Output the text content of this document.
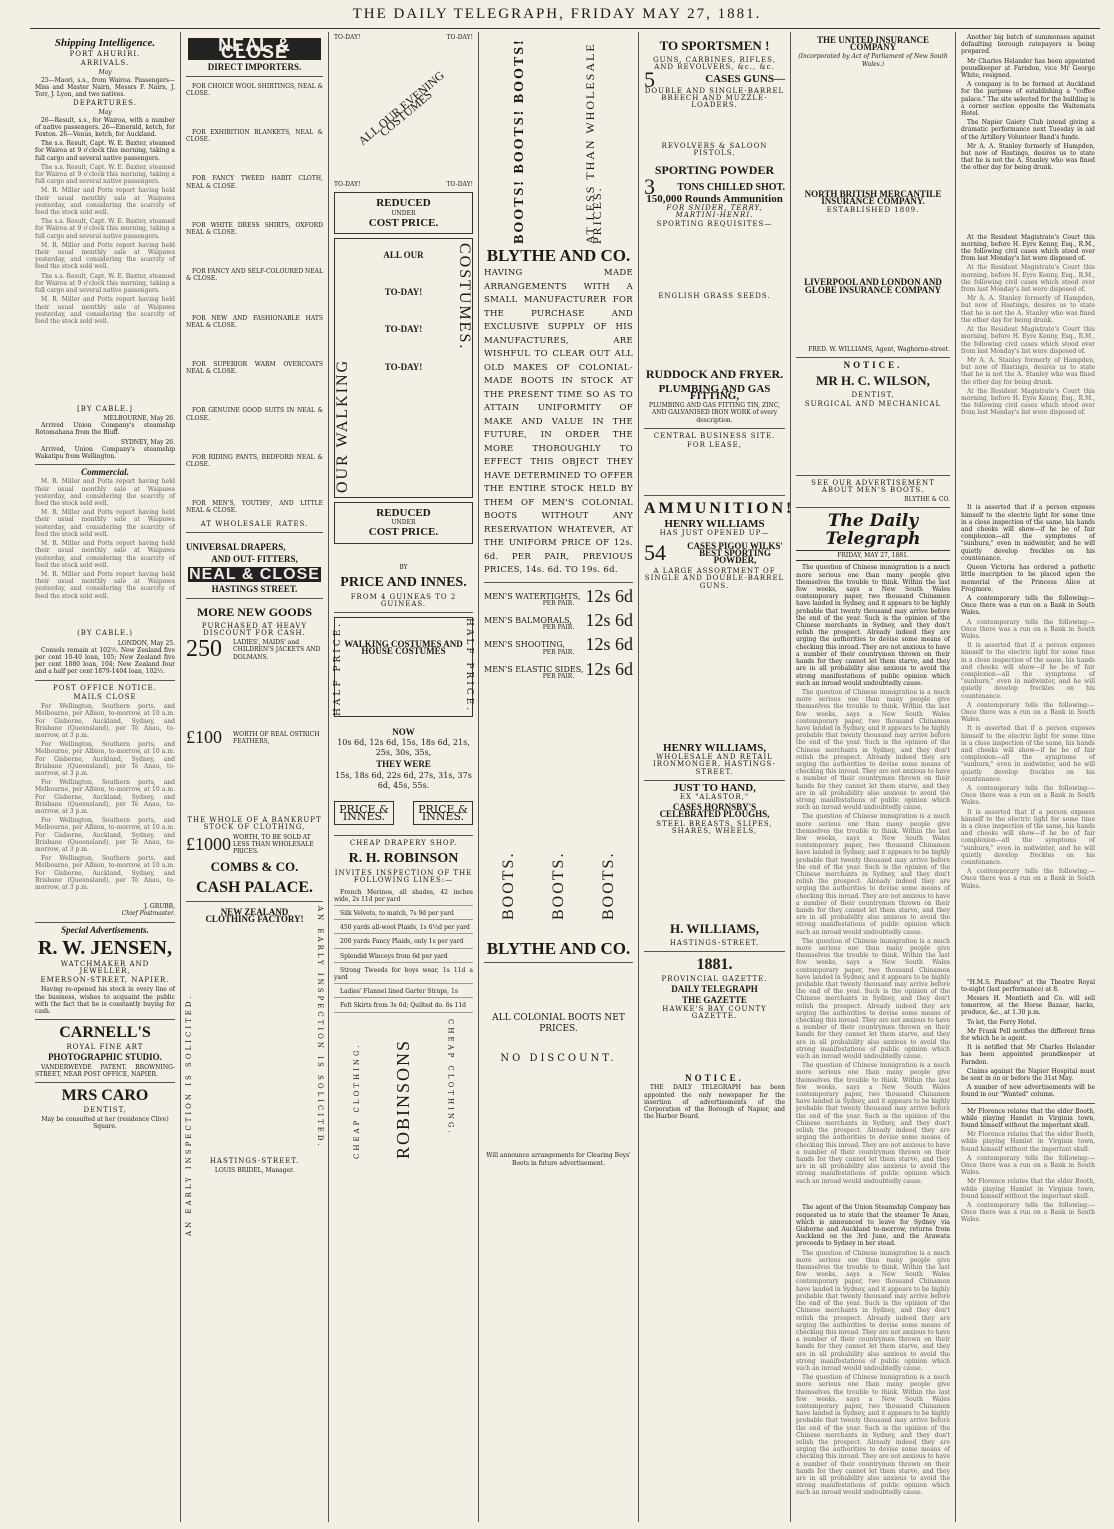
THE DAILY TELEGRAPH, FRIDAY MAY 27, 1881.
Shipping Intelligence.
PORT AHURIRI.
ARRIVALS.
May
25—Maori, s.s., from Wairoa. Passengers—Miss and Master Nairn, Messrs F. Nairn, J. Torr, J. Lyon, and two natives.
DEPARTURES.
May
26—Result, s.s., for Wairoa, with a number of native passengers. 26—Emerald, ketch, for Foxton. 26—Venus, ketch, for Auckland.
The s.s. Result, Capt. W. E. Baxter, steamed for Wairoa at 9 o'clock this morning, taking a full cargo and several native passengers.
The s.s. Result, Capt. W. E. Baxter, steamed for Wairoa at 9 o'clock this morning, taking a full cargo and several native passengers.
M. R. Miller and Potts report having held their usual monthly sale at Waipawa yesterday, and considering the scarcity of feed the stock sold well.
The s.s. Result, Capt. W. E. Baxter, steamed for Wairoa at 9 o'clock this morning, taking a full cargo and several native passengers.
M. R. Miller and Potts report having held their usual monthly sale at Waipawa yesterday, and considering the scarcity of feed the stock sold well.
The s.s. Result, Capt. W. E. Baxter, steamed for Wairoa at 9 o'clock this morning, taking a full cargo and several native passengers.
M. R. Miller and Potts report having held their usual monthly sale at Waipawa yesterday, and considering the scarcity of feed the stock sold well.
[BY CABLE.]
MELBOURNE, May 26.
Arrived Union Company's steamship Rotomahana from the Bluff.
SYDNEY, May 26.
Arrived, Union Company's steamship Wakatipu from Wellington.
Commercial.
M. R. Miller and Potts report having held their usual monthly sale at Waipawa yesterday, and considering the scarcity of feed the stock sold well.
M. R. Miller and Potts report having held their usual monthly sale at Waipawa yesterday, and considering the scarcity of feed the stock sold well.
M. R. Miller and Potts report having held their usual monthly sale at Waipawa yesterday, and considering the scarcity of feed the stock sold well.
M. R. Miller and Potts report having held their usual monthly sale at Waipawa yesterday, and considering the scarcity of feed the stock sold well.
(BY CABLE.)
LONDON, May 25.
Consols remain at 102½. New Zealand five per cent 10-40 loan, 105; New Zealand five per cent 1880 loan, 104; New Zealand four and a half per cent 1879-1404 loan, 102½.
POST OFFICE NOTICE.
MAILS CLOSE
For Wellington, Southern ports, and Melbourne, per Albion, to-morrow, at 10 a.m. For Gisborne, Auckland, Sydney, and Brisbane (Queensland), per Te Anau, to-morrow, at 3 p.m.
For Wellington, Southern ports, and Melbourne, per Albion, to-morrow, at 10 a.m. For Gisborne, Auckland, Sydney, and Brisbane (Queensland), per Te Anau, to-morrow, at 3 p.m.
For Wellington, Southern ports, and Melbourne, per Albion, to-morrow, at 10 a.m. For Gisborne, Auckland, Sydney, and Brisbane (Queensland), per Te Anau, to-morrow, at 3 p.m.
For Wellington, Southern ports, and Melbourne, per Albion, to-morrow, at 10 a.m. For Gisborne, Auckland, Sydney, and Brisbane (Queensland), per Te Anau, to-morrow, at 3 p.m.
For Wellington, Southern ports, and Melbourne, per Albion, to-morrow, at 10 a.m. For Gisborne, Auckland, Sydney, and Brisbane (Queensland), per Te Anau, to-morrow, at 3 p.m.
J. GRUBB,
Chief Postmaster.
Special Advertisements.
R. W. JENSEN,
WATCHMAKER AND JEWELLER,
EMERSON-STREET, NAPIER.
Having re-opened his stock in every line of the business, wishes to acquaint the public with the fact that he is constantly buying for cash.
CARNELL'S
ROYAL FINE ART
PHOTOGRAPHIC STUDIO.
VANDERWEYDE PATENT. BROWNING-STREET, NEAR POST OFFICE, NAPIER.
MRS CARO
DENTIST,
May be consulted at her (residence Clive) Square.
NEAL & CLOSE
DIRECT IMPORTERS.
FOR CHOICE WOOL SHIRTINGS, NEAL & CLOSE.
FOR EXHIBITION BLANKETS, NEAL & CLOSE.
FOR FANCY TWEED HABIT CLOTH, NEAL & CLOSE.
FOR WHITE DRESS SHIRTS, OXFORD NEAL & CLOSE.
FOR FANCY AND SELF-COLOURED NEAL & CLOSE.
FOR NEW AND FASHIONABLE HATS NEAL & CLOSE.
FOR SUPERIOR WARM OVERCOATS NEAL & CLOSE.
FOR GENUINE GOOD SUITS IN NEAL & CLOSE.
FOR RIDING PANTS, BEDFORD NEAL & CLOSE.
FOR MEN'S, YOUTHS', AND LITTLE NEAL & CLOSE.
AT WHOLESALE RATES.
UNIVERSAL DRAPERS,
AND OUT- FITTERS,
NEAL & CLOSE
HASTINGS STREET.
MORE NEW GOODS
PURCHASED AT HEAVY DISCOUNT FOR CASH.
250 LADIES', MAIDS' and CHILDREN'S JACKETS AND DOLMANS.
£100 WORTH OF REAL OSTRICH FEATHERS,
THE WHOLE OF A BANKRUPT STOCK OF CLOTHING,
£1000 WORTH, TO BE SOLD AT LESS THAN WHOLESALE PRICES.
COMBS & CO.
CASH PALACE.
AN EARLY INSPECTION IS SOLICITED.
NEW ZEALAND CLOTHING FACTORY!
HASTINGS-STREET.
LOUIS BRIDEL, Manager.
AN EARLY INSPECTION IS SOLICITED.
TO-DAY!	TO-DAY!
ALL OUR EVENING COSTUMES
TO-DAY!	TO-DAY!
REDUCED
UNDER
COST PRICE.
OUR WALKING
ALL OUR
TO-DAY!
TO-DAY!
TO-DAY!
COSTUMES.
REDUCED
UNDER
COST PRICE.
BY
PRICE AND INNES.
FROM 4 GUINEAS TO 2 GUINEAS.
HALF PRICE. WALKING COSTUMES AND HOUSE COSTUMES	HALF PRICE.
NOW
10s 6d, 12s 6d, 15s, 18s 6d, 21s, 25s, 30s, 35s,
THEY WERE
15s, 18s 6d, 22s 6d, 27s, 31s, 37s 6d, 45s, 55s.
PRICE & INNES.
PRICE & INNES.
CHEAP DRAPERY SHOP.
R. H. ROBINSON
INVITES INSPECTION OF THE FOLLOWING LINES:—
French Merinos, all shades, 42 inches wide, 2s 11d per yard
Silk Velvets, to match, 7s 9d per yard
450 yards all-wool Plaids, 1s 6½d per yard
200 yards Fancy Plaids, only 1s per yard
Splendid Winceys from 6d per yard
Strong Tweeds for boys wear, 1s 11d a yard
Ladies' Flannel lined Garter Straps, 1s
Felt Skirts from 3s 6d; Quilted do. 6s 11d
CHEAP CLOTHING. ROBINSONS	CHEAP CLOTHING.
BOOTS! BOOTS! BOOTS!	AT LESS THAN WHOLESALE PRICES.
BLYTHE AND CO.
HAVING MADE ARRANGEMENTS WITH A SMALL MANUFACTURER FOR THE PURCHASE AND EXCLUSIVE SUPPLY OF HIS MANUFACTURES, ARE WISHFUL TO CLEAR OUT ALL OLD MAKES OF COLONIAL-MADE BOOTS IN STOCK AT THE PRESENT TIME SO AS TO ATTAIN UNIFORMITY OF MAKE AND VALUE IN THE FUTURE, IN ORDER THE MORE THOROUGHLY TO EFFECT THIS OBJECT THEY HAVE DETERMINED TO OFFER THE ENTIRE STOCK HELD BY THEM OF MEN'S COLONIAL BOOTS WITHOUT ANY RESERVATION WHATEVER, AT THE UNIFORM PRICE OF 12s. 6d. PER PAIR, PREVIOUS PRICES, 14s. 6d. TO 19s. 6d.
MEN'S WATERTIGHTS, 12s 6d
PER PAIR.
MEN'S BALMORALS, 12s 6d
PER PAIR.
MEN'S SHOOTING, 12s 6d
PER PAIR.
MEN'S ELASTIC SIDES, 12s 6d
PER PAIR.
BOOTS. BOOTS. BOOTS.
BLYTHE AND CO.
ALL COLONIAL BOOTS NET PRICES.
NO DISCOUNT.
Will announce arrangements for Clearing Boys' Boots in future advertisement.
TO SPORTSMEN !
GUNS, CARBINES, RIFLES, AND REVOLVERS, &c., &c.
5	CASES GUNS—
DOUBLE AND SINGLE-BARREL BREECH AND MUZZLE-LOADERS.
REVOLVERS & SALOON PISTOLS,
SPORTING POWDER
3 TONS CHILLED SHOT.
150,000 Rounds Ammunition
FOR SNIDER, TERRY, MARTINI-HENRI.
SPORTING REQUISITES—
ENGLISH GRASS SEEDS.
RUDDOCK AND FRYER.
PLUMBING AND GAS FITTING,
PLUMBING AND GAS FITTING TIN, ZINC, AND GALVANISED IRON WORK of every description.
CENTRAL BUSINESS SITE.
FOR LEASE,
AMMUNITION!
HENRY WILLIAMS
HAS JUST OPENED UP—
54 CASES PIGOU WILKS' BEST SPORTING POWDER,
A LARGE ASSORTMENT OF SINGLE AND DOUBLE-BARREL GUNS.
HENRY WILLIAMS,
WHOLESALE AND RETAIL IRONMONGER, HASTINGS-STREET.
JUST TO HAND,
EX "ALASTOR,"
CASES HORNSBY'S CELEBRATED PLOUGHS,
STEEL BREASTS, SLIPES, SHARES, WHEELS,
H. WILLIAMS,
HASTINGS-STREET.
1881.
PROVINCIAL GAZETTE.
DAILY TELEGRAPH
THE GAZETTE
HAWKE'S BAY COUNTY GAZETTE.
NOTICE.
THE DAILY TELEGRAPH has been appointed the only newspaper for the insertion of advertisements of the Corporation of the Borough of Napier, and the Harbor Board.
THE UNITED INSURANCE COMPANY
(Incorporated by Act of Parliament of New South Wales.)
NORTH BRITISH MERCANTILE INSURANCE COMPANY.
ESTABLISHED 1809.
LIVERPOOL AND LONDON AND GLOBE INSURANCE COMPANY
FRED. W. WILLIAMS, Agent, Waghorne-street.
NOTICE.
MR H. C. WILSON,
DENTIST,
SURGICAL AND MECHANICAL
SEE OUR ADVERTISEMENT ABOUT MEN'S BOOTS.
BLYTHE & CO.
The Daily Telegraph
FRIDAY, MAY 27, 1881.
The question of Chinese immigration is a much more serious one than many people give themselves the trouble to think. Within the last few weeks, says a New South Wales contemporary paper, two thousand Chinamen have landed in Sydney, and it appears to be highly probable that twenty thousand may arrive before the end of the year. Such is the opinion of the Chinese merchants in Sydney, and they don't relish the prospect. Already indeed they are urging the authorities to devise some means of checking this inroad. They are not anxious to have a number of their countrymen thrown on their hands for they cannot let them starve, and they are in all probability also anxious to avoid the strong manifestations of public opinion which such an inroad would undoubtedly cause.
The question of Chinese immigration is a much more serious one than many people give themselves the trouble to think. Within the last few weeks, says a New South Wales contemporary paper, two thousand Chinamen have landed in Sydney, and it appears to be highly probable that twenty thousand may arrive before the end of the year. Such is the opinion of the Chinese merchants in Sydney, and they don't relish the prospect. Already indeed they are urging the authorities to devise some means of checking this inroad. They are not anxious to have a number of their countrymen thrown on their hands for they cannot let them starve, and they are in all probability also anxious to avoid the strong manifestations of public opinion which such an inroad would undoubtedly cause.
The question of Chinese immigration is a much more serious one than many people give themselves the trouble to think. Within the last few weeks, says a New South Wales contemporary paper, two thousand Chinamen have landed in Sydney, and it appears to be highly probable that twenty thousand may arrive before the end of the year. Such is the opinion of the Chinese merchants in Sydney, and they don't relish the prospect. Already indeed they are urging the authorities to devise some means of checking this inroad. They are not anxious to have a number of their countrymen thrown on their hands for they cannot let them starve, and they are in all probability also anxious to avoid the strong manifestations of public opinion which such an inroad would undoubtedly cause.
The question of Chinese immigration is a much more serious one than many people give themselves the trouble to think. Within the last few weeks, says a New South Wales contemporary paper, two thousand Chinamen have landed in Sydney, and it appears to be highly probable that twenty thousand may arrive before the end of the year. Such is the opinion of the Chinese merchants in Sydney, and they don't relish the prospect. Already indeed they are urging the authorities to devise some means of checking this inroad. They are not anxious to have a number of their countrymen thrown on their hands for they cannot let them starve, and they are in all probability also anxious to avoid the strong manifestations of public opinion which such an inroad would undoubtedly cause.
The question of Chinese immigration is a much more serious one than many people give themselves the trouble to think. Within the last few weeks, says a New South Wales contemporary paper, two thousand Chinamen have landed in Sydney, and it appears to be highly probable that twenty thousand may arrive before the end of the year. Such is the opinion of the Chinese merchants in Sydney, and they don't relish the prospect. Already indeed they are urging the authorities to devise some means of checking this inroad. They are not anxious to have a number of their countrymen thrown on their hands for they cannot let them starve, and they are in all probability also anxious to avoid the strong manifestations of public opinion which such an inroad would undoubtedly cause.
The agent of the Union Steamship Company has requested us to state that the steamer Te Anau, which is announced to leave for Sydney via Gisborne and Auckland to-morrow, returns from Auckland on the 3rd June, and the Arawata proceeds to Sydney in her stead.
The question of Chinese immigration is a much more serious one than many people give themselves the trouble to think. Within the last few weeks, says a New South Wales contemporary paper, two thousand Chinamen have landed in Sydney, and it appears to be highly probable that twenty thousand may arrive before the end of the year. Such is the opinion of the Chinese merchants in Sydney, and they don't relish the prospect. Already indeed they are urging the authorities to devise some means of checking this inroad. They are not anxious to have a number of their countrymen thrown on their hands for they cannot let them starve, and they are in all probability also anxious to avoid the strong manifestations of public opinion which such an inroad would undoubtedly cause.
The question of Chinese immigration is a much more serious one than many people give themselves the trouble to think. Within the last few weeks, says a New South Wales contemporary paper, two thousand Chinamen have landed in Sydney, and it appears to be highly probable that twenty thousand may arrive before the end of the year. Such is the opinion of the Chinese merchants in Sydney, and they don't relish the prospect. Already indeed they are urging the authorities to devise some means of checking this inroad. They are not anxious to have a number of their countrymen thrown on their hands for they cannot let them starve, and they are in all probability also anxious to avoid the strong manifestations of public opinion which such an inroad would undoubtedly cause.
Another big batch of summonses against defaulting borough ratepayers is being prepared.
Mr Charles Helander has been appointed poundkeeper at Farndon, vice Mr George White, resigned.
A company is to be formed at Auckland for the purpose of establishing a "coffee palace." The site selected for the building is a corner section opposite the Waitemata Hotel.
The Napier Gaiety Club intend giving a dramatic performance next Tuesday in aid of the Artillery Volunteer Band's funds.
Mr A. A. Stanley formerly of Hampden, but now of Hastings, desires us to state that he is not the A. Stanley who was fined the other day for being drunk.
At the Resident Magistrate's Court this morning, before H. Eyre Kenny, Esq., R.M., the following civil cases which stood over from last Monday's list were disposed of.
At the Resident Magistrate's Court this morning, before H. Eyre Kenny, Esq., R.M., the following civil cases which stood over from last Monday's list were disposed of.
Mr A. A. Stanley formerly of Hampden, but now of Hastings, desires us to state that he is not the A. Stanley who was fined the other day for being drunk.
At the Resident Magistrate's Court this morning, before H. Eyre Kenny, Esq., R.M., the following civil cases which stood over from last Monday's list were disposed of.
Mr A. A. Stanley formerly of Hampden, but now of Hastings, desires us to state that he is not the A. Stanley who was fined the other day for being drunk.
At the Resident Magistrate's Court this morning, before H. Eyre Kenny, Esq., R.M., the following civil cases which stood over from last Monday's list were disposed of.
It is asserted that if a person exposes himself to the electric light for some time in a close inspection of the same, his hands and cheeks will show—if he be of fair complexion—all the symptoms of "sunburn," even in midwinter, and he will quietly develop freckles on his countenance.
Queen Victoria has ordered a pathetic little inscription to be placed upon the memorial of the Princess Alice at Frogmore.
A contemporary tells the following:—Once there was a run on a Bank in South Wales.
A contemporary tells the following:—Once there was a run on a Bank in South Wales.
It is asserted that if a person exposes himself to the electric light for some time in a close inspection of the same, his hands and cheeks will show—if he be of fair complexion—all the symptoms of "sunburn," even in midwinter, and he will quietly develop freckles on his countenance.
A contemporary tells the following:—Once there was a run on a Bank in South Wales.
It is asserted that if a person exposes himself to the electric light for some time in a close inspection of the same, his hands and cheeks will show—if he be of fair complexion—all the symptoms of "sunburn," even in midwinter, and he will quietly develop freckles on his countenance.
A contemporary tells the following:—Once there was a run on a Bank in South Wales.
It is asserted that if a person exposes himself to the electric light for some time in a close inspection of the same, his hands and cheeks will show—if he be of fair complexion—all the symptoms of "sunburn," even in midwinter, and he will quietly develop freckles on his countenance.
A contemporary tells the following:—Once there was a run on a Bank in South Wales.
"H.M.S. Pinafore" at the Theatre Royal to-night (last performance) at 8.
Messrs H. Montieth and Co. will sell tomorrow, at the Horse Bazaar, hacks, produce, &c., at 1.30 p.m.
To let, the Ferry Hotel.
Mr Frank Pell notifies the different firms for which he is agent.
It is notified that Mr Charles Helander has been appointed poundkeeper at Farndon.
Claims against the Napier Hospital must be sent in on or before the 31st May.
A number of new advertisements will be found in our "Wanted" column.
Mr Florence relates that the elder Booth, while playing Hamlet in Virginia town, found himself without the important skull.
Mr Florence relates that the elder Booth, while playing Hamlet in Virginia town, found himself without the important skull.
A contemporary tells the following:—Once there was a run on a Bank in South Wales.
Mr Florence relates that the elder Booth, while playing Hamlet in Virginia town, found himself without the important skull.
A contemporary tells the following:—Once there was a run on a Bank in South Wales.
